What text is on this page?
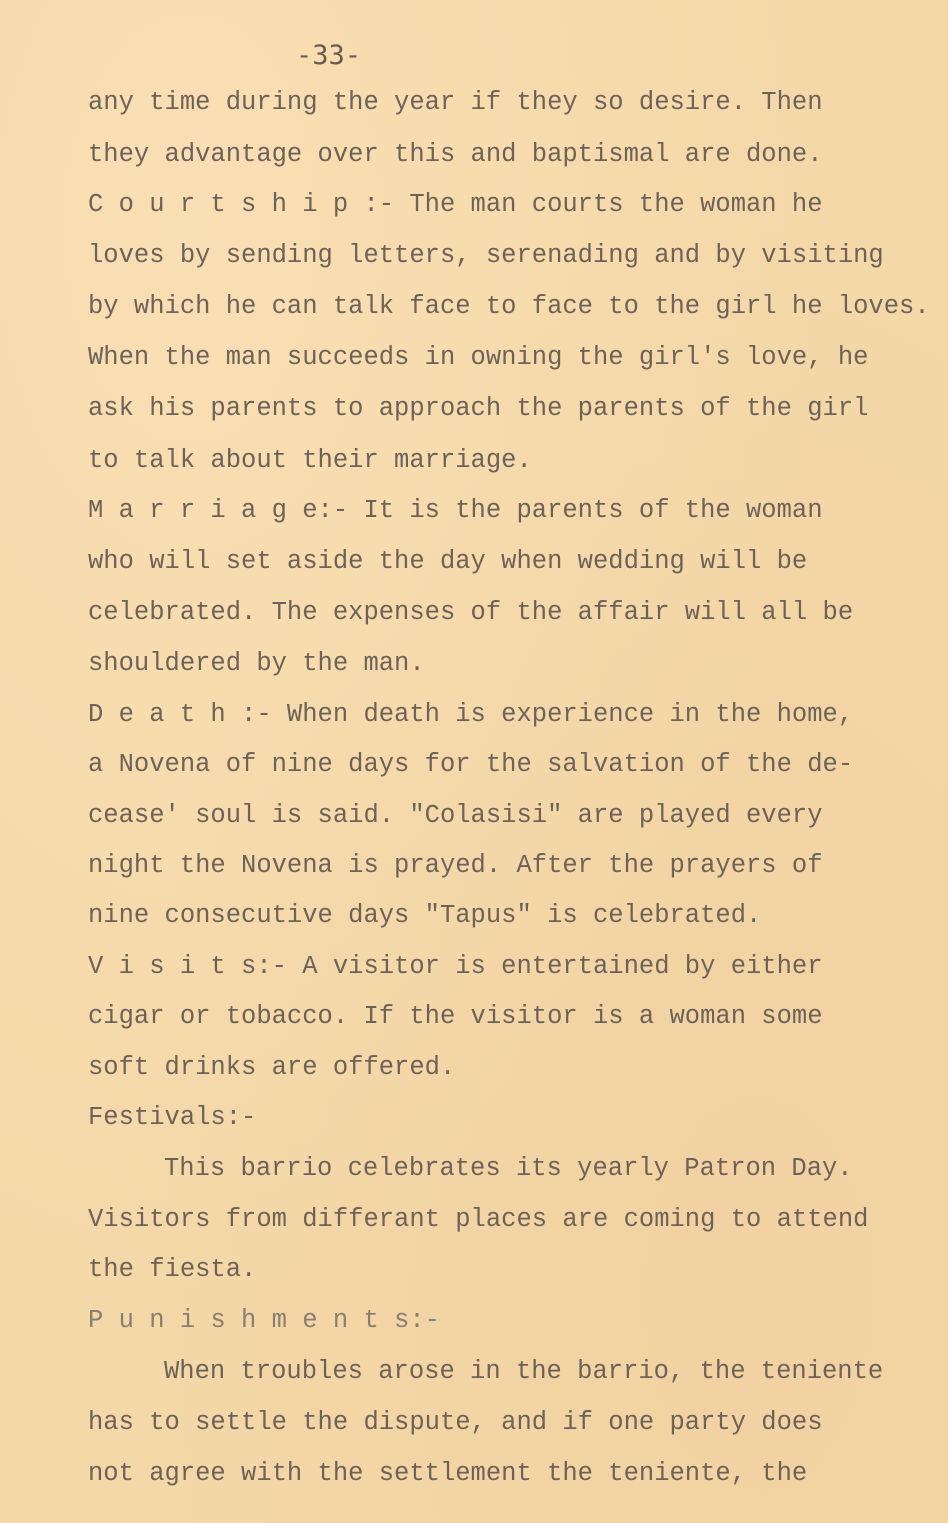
-33-
any time during the year if they so desire. Then
they advantage over this and baptismal are done.
C o u r t s h i p :- The man courts the woman he
loves by sending letters, serenading and by visiting
by which he can talk face to face to the girl he loves.
When the man succeeds in owning the girl's love, he
ask his parents to approach the parents of the girl
to talk about their marriage.
M a r r i a g e:- It is the parents of the woman
who will set aside the day when wedding will be
celebrated. The expenses of the affair will all be
shouldered by the man.
D e a t h :- When death is experience in the home,
a Novena of nine days for the salvation of the de-
cease' soul is said. "Colasisi" are played every
night the Novena is prayed. After the prayers of
nine consecutive days "Tapus" is celebrated.
V i s i t s:- A visitor is entertained by either
cigar or tobacco. If the visitor is a woman some
soft drinks are offered.
Festivals:-
This barrio celebrates its yearly Patron Day.
Visitors from differant places are coming to attend
the fiesta.
P u n i s h m e n t s:-
When troubles arose in the barrio, the teniente
has to settle the dispute, and if one party does
not agree with the settlement the teniente, the
